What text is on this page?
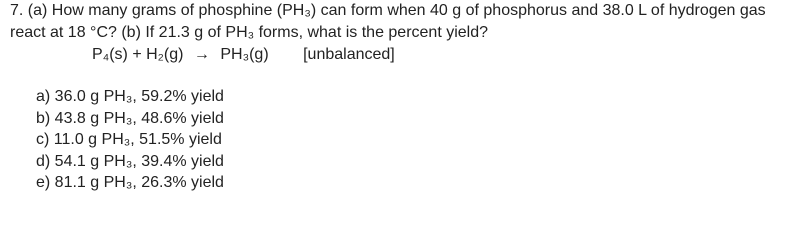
7. (a) How many grams of phosphine (PH₃) can form when 40 g of phosphorus and 38.0 L of hydrogen gas
react at 18 °C? (b) If 21.3 g of PH₃ forms, what is the percent yield?
P₄(s) + H₂(g) → PH₃(g) [unbalanced]
a) 36.0 g PH₃, 59.2% yield
b) 43.8 g PH₃, 48.6% yield
c) 11.0 g PH₃, 51.5% yield
d) 54.1 g PH₃, 39.4% yield
e) 81.1 g PH₃, 26.3% yield
